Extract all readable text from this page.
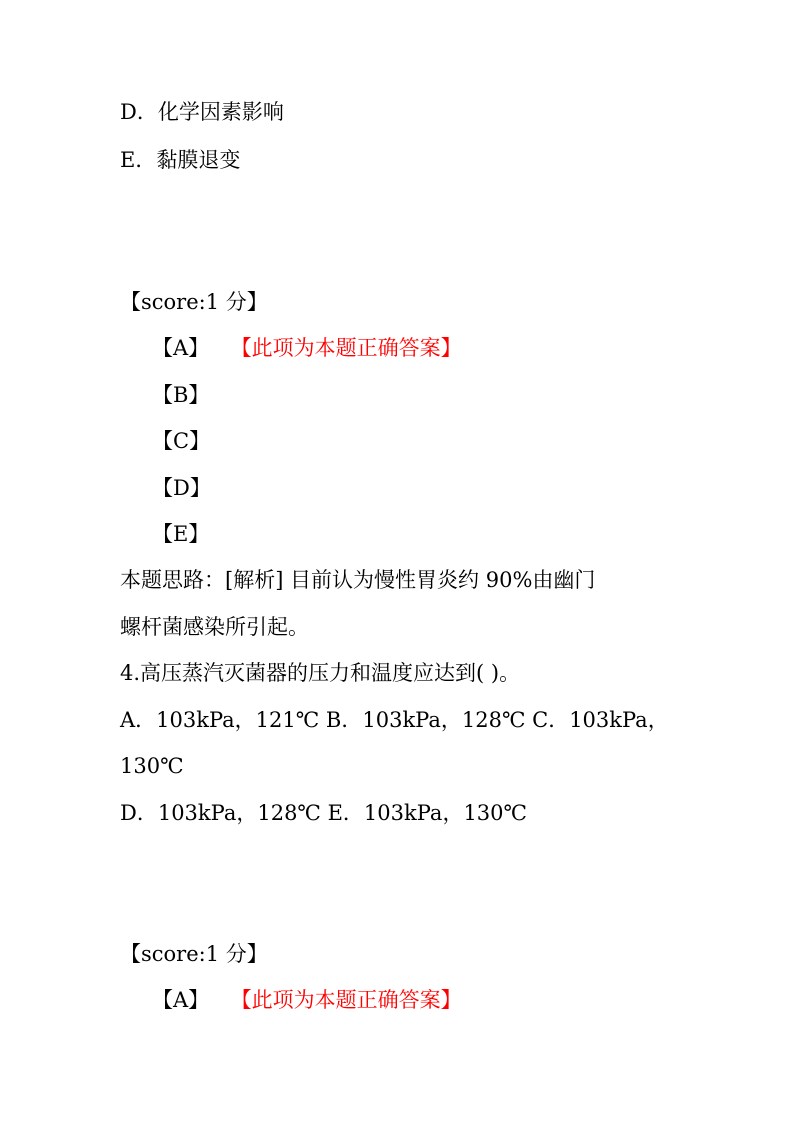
D．化学因素影响
E．黏膜退变
【score:1 分】
【A】 【此项为本题正确答案】
【B】
【C】
【D】
【E】
本题思路：[解析] 目前认为慢性胃炎约 90%由幽门
螺杆菌感染所引起。
4.高压蒸汽灭菌器的压力和温度应达到( )。
A．103kPa，121℃ B．103kPa，128℃ C．103kPa，
130℃
D．103kPa，128℃ E．103kPa，130℃
【score:1 分】
【A】 【此项为本题正确答案】
